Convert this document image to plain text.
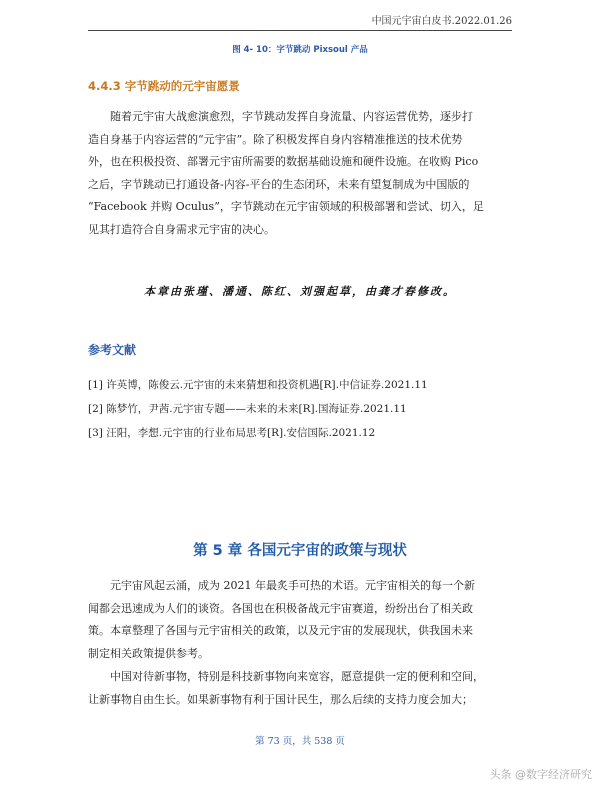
中国元宇宙白皮书.2022.01.26
图 4- 10：字节跳动 Pixsoul 产品
4.4.3 字节跳动的元宇宙愿景
随着元宇宙大战愈演愈烈，字节跳动发挥自身流量、内容运营优势，逐步打
造自身基于内容运营的“元宇宙”。除了积极发挥自身内容精准推送的技术优势
外，也在积极投资、部署元宇宙所需要的数据基础设施和硬件设施。在收购 Pico
之后，字节跳动已打通设备-内容-平台的生态闭环，未来有望复制成为中国版的
“Facebook 并购 Oculus”，字节跳动在元宇宙领域的积极部署和尝试、切入，足
见其打造符合自身需求元宇宙的决心。
本章由张瑾、潘通、陈红、刘强起草，由龚才春修改。
参考文献
[1] 许英博，陈俊云.元宇宙的未来猜想和投资机遇[R].中信证券.2021.11
[2] 陈梦竹，尹茜.元宇宙专题——未来的未来[R].国海证券.2021.11
[3] 汪阳，李想.元宇宙的行业布局思考[R].安信国际.2021.12
第 5 章 各国元宇宙的政策与现状
元宇宙风起云涌，成为 2021 年最炙手可热的术语。元宇宙相关的每一个新
闻都会迅速成为人们的谈资。各国也在积极备战元宇宙赛道，纷纷出台了相关政
策。本章整理了各国与元宇宙相关的政策，以及元宇宙的发展现状，供我国未来
制定相关政策提供参考。
中国对待新事物，特别是科技新事物向来宽容，愿意提供一定的便利和空间，
让新事物自由生长。如果新事物有利于国计民生，那么后续的支持力度会加大；
第 73 页，共 538 页
头条 @数字经济研究
